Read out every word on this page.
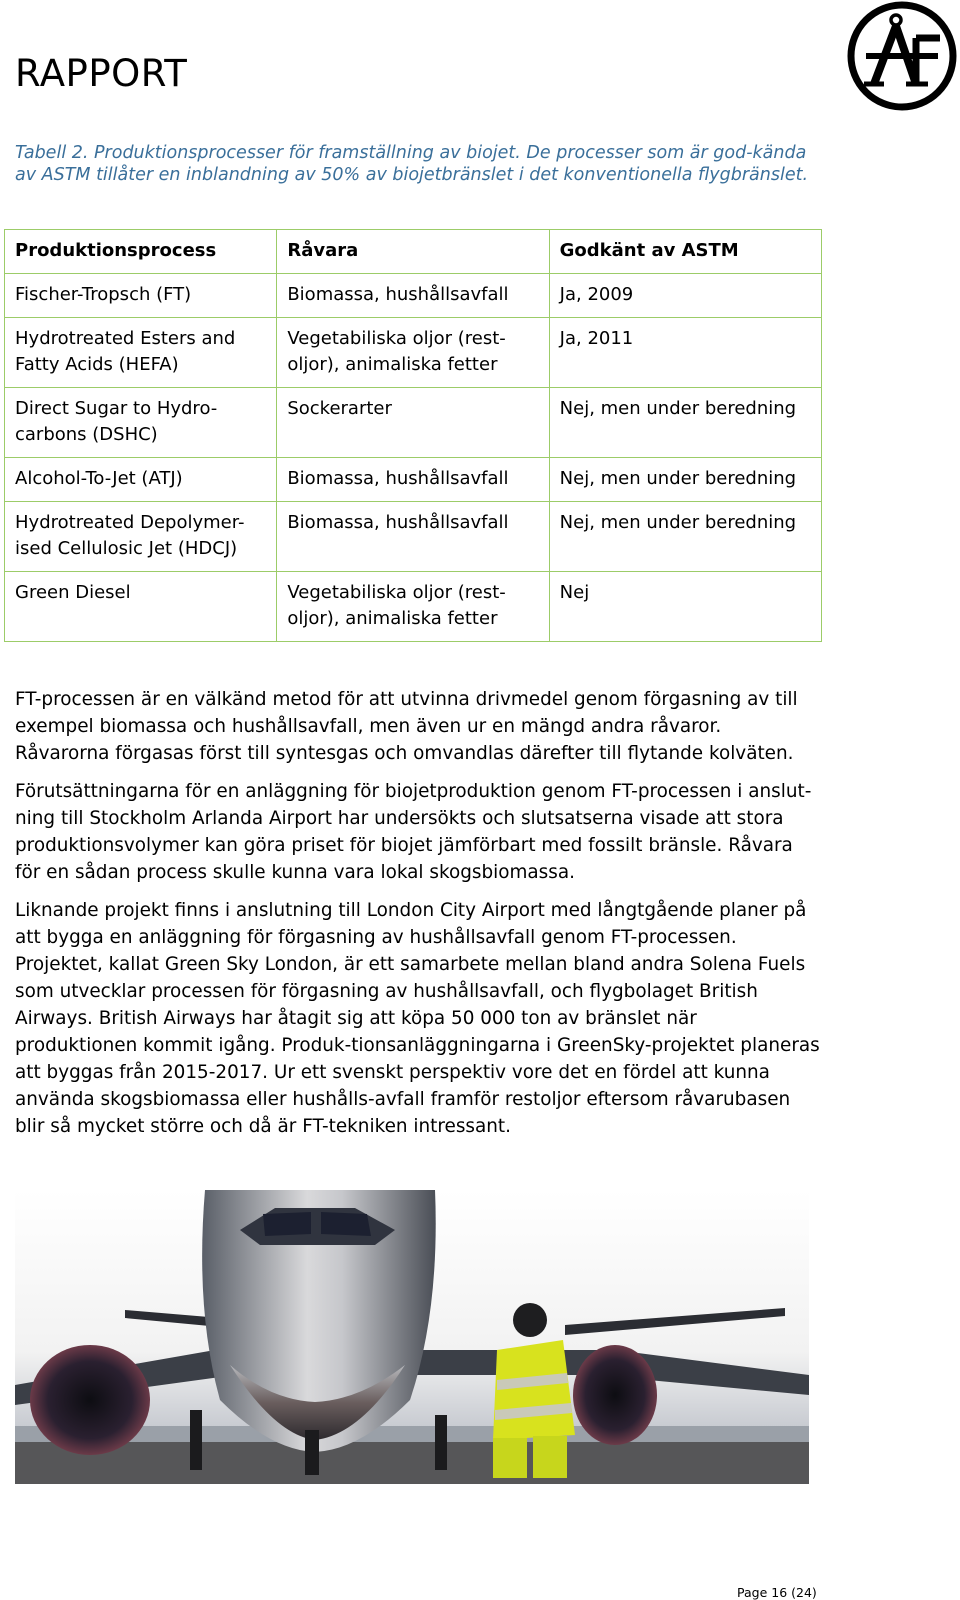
RAPPORT
Tabell 2. Produktionsprocesser för framställning av biojet. De processer som är god-kända av ASTM tillåter en inblandning av 50% av biojetbränslet i det konventionella flygbränslet.
Produktionsprocess	Råvara	Godkänt av ASTM
Fischer-Tropsch (FT)	Biomassa, hushållsavfall	Ja, 2009
Hydrotreated Esters and Fatty Acids (HEFA)	Vegetabiliska oljor (rest-oljor), animaliska fetter	Ja, 2011
Direct Sugar to Hydro-carbons (DSHC)	Sockerarter	Nej, men under beredning
Alcohol-To-Jet (ATJ)	Biomassa, hushållsavfall	Nej, men under beredning
Hydrotreated Depolymer-ised Cellulosic Jet (HDCJ)	Biomassa, hushållsavfall	Nej, men under beredning
Green Diesel	Vegetabiliska oljor (rest-oljor), animaliska fetter	Nej

FT-processen är en välkänd metod för att utvinna drivmedel genom förgasning av till exempel biomassa och hushållsavfall, men även ur en mängd andra råvaror. Råvarorna förgasas först till syntesgas och omvandlas därefter till flytande kolväten.

Förutsättningarna för en anläggning för biojetproduktion genom FT-processen i anslut-ning till Stockholm Arlanda Airport har undersökts och slutsatserna visade att stora produktionsvolymer kan göra priset för biojet jämförbart med fossilt bränsle. Råvara för en sådan process skulle kunna vara lokal skogsbiomassa.

Liknande projekt finns i anslutning till London City Airport med långtgående planer på att bygga en anläggning för förgasning av hushållsavfall genom FT-processen. Projektet, kallat Green Sky London, är ett samarbete mellan bland andra Solena Fuels som utvecklar processen för förgasning av hushållsavfall, och flygbolaget British Airways. British Airways har åtagit sig att köpa 50 000 ton av bränslet när produktionen kommit igång. Produk-tionsanläggningarna i GreenSky-projektet planeras att byggas från 2015-2017. Ur ett svenskt perspektiv vore det en fördel att kunna använda skogsbiomassa eller hushålls-avfall framför restoljor eftersom råvarubasen blir så mycket större och då är FT-tekniken intressant.

Page 16 (24)
